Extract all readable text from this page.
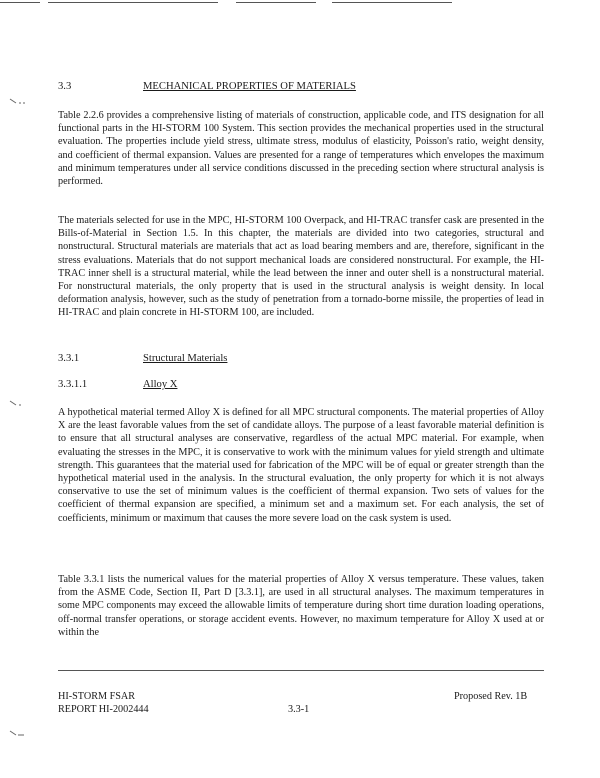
3.3	MECHANICAL PROPERTIES OF MATERIALS

Table 2.2.6 provides a comprehensive listing of materials of construction, applicable code, and ITS designation for all functional parts in the HI-STORM 100 System. This section provides the mechanical properties used in the structural evaluation. The properties include yield stress, ultimate stress, modulus of elasticity, Poisson's ratio, weight density, and coefficient of thermal expansion. Values are presented for a range of temperatures which envelopes the maximum and minimum temperatures under all service conditions discussed in the preceding section where structural analysis is performed.

The materials selected for use in the MPC, HI-STORM 100 Overpack, and HI-TRAC transfer cask are presented in the Bills-of-Material in Section 1.5. In this chapter, the materials are divided into two categories, structural and nonstructural. Structural materials are materials that act as load bearing members and are, therefore, significant in the stress evaluations. Materials that do not support mechanical loads are considered nonstructural. For example, the HI-TRAC inner shell is a structural material, while the lead between the inner and outer shell is a nonstructural material. For nonstructural materials, the only property that is used in the structural analysis is weight density. In local deformation analysis, however, such as the study of penetration from a tornado-borne missile, the properties of lead in HI-TRAC and plain concrete in HI-STORM 100, are included.

3.3.1	Structural Materials
3.3.1.1	Alloy X

A hypothetical material termed Alloy X is defined for all MPC structural components. The material properties of Alloy X are the least favorable values from the set of candidate alloys. The purpose of a least favorable material definition is to ensure that all structural analyses are conservative, regardless of the actual MPC material. For example, when evaluating the stresses in the MPC, it is conservative to work with the minimum values for yield strength and ultimate strength. This guarantees that the material used for fabrication of the MPC will be of equal or greater strength than the hypothetical material used in the analysis. In the structural evaluation, the only property for which it is not always conservative to use the set of minimum values is the coefficient of thermal expansion. Two sets of values for the coefficient of thermal expansion are specified, a minimum set and a maximum set. For each analysis, the set of coefficients, minimum or maximum that causes the more severe load on the cask system is used.

Table 3.3.1 lists the numerical values for the material properties of Alloy X versus temperature. These values, taken from the ASME Code, Section II, Part D [3.3.1], are used in all structural analyses. The maximum temperatures in some MPC components may exceed the allowable limits of temperature during short time duration loading operations, off-normal transfer operations, or storage accident events. However, no maximum temperature for Alloy X used at or within the

HI-STORM FSAR
REPORT HI-2002444	3.3-1
Proposed Rev. 1B
